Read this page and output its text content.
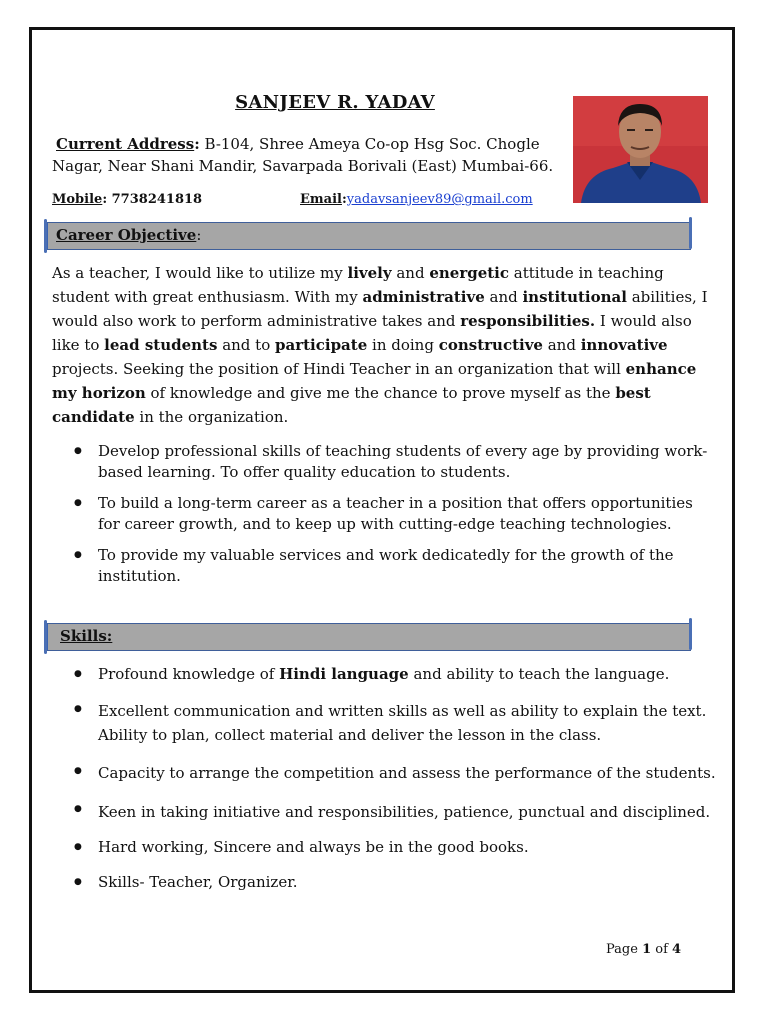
SANJEEV R. YADAV
Current Address: B-104, Shree Ameya Co-op Hsg Soc. Chogle Nagar, Near Shani Mandir, Savarpada Borivali (East) Mumbai-66.
Mobile: 7738241818	Email:yadavsanjeev89@gmail.com
Career Objective:
As a teacher, I would like to utilize my lively and energetic attitude in teaching student with great enthusiasm. With my administrative and institutional abilities, I would also work to perform administrative takes and responsibilities. I would also like to lead students and to participate in doing constructive and innovative projects. Seeking the position of Hindi Teacher in an organization that will enhance my horizon of knowledge and give me the chance to prove myself as the best candidate in the organization.
● Develop professional skills of teaching students of every age by providing work-based learning. To offer quality education to students.
● To build a long-term career as a teacher in a position that offers opportunities for career growth, and to keep up with cutting-edge teaching technologies.
● To provide my valuable services and work dedicatedly for the growth of the institution.
Skills:
● Profound knowledge of Hindi language and ability to teach the language.
● Excellent communication and written skills as well as ability to explain the text. Ability to plan, collect material and deliver the lesson in the class.
● Capacity to arrange the competition and assess the performance of the students.
● Keen in taking initiative and responsibilities, patience, punctual and disciplined.
● Hard working, Sincere and always be in the good books.
● Skills- Teacher, Organizer.
Page 1 of 4
